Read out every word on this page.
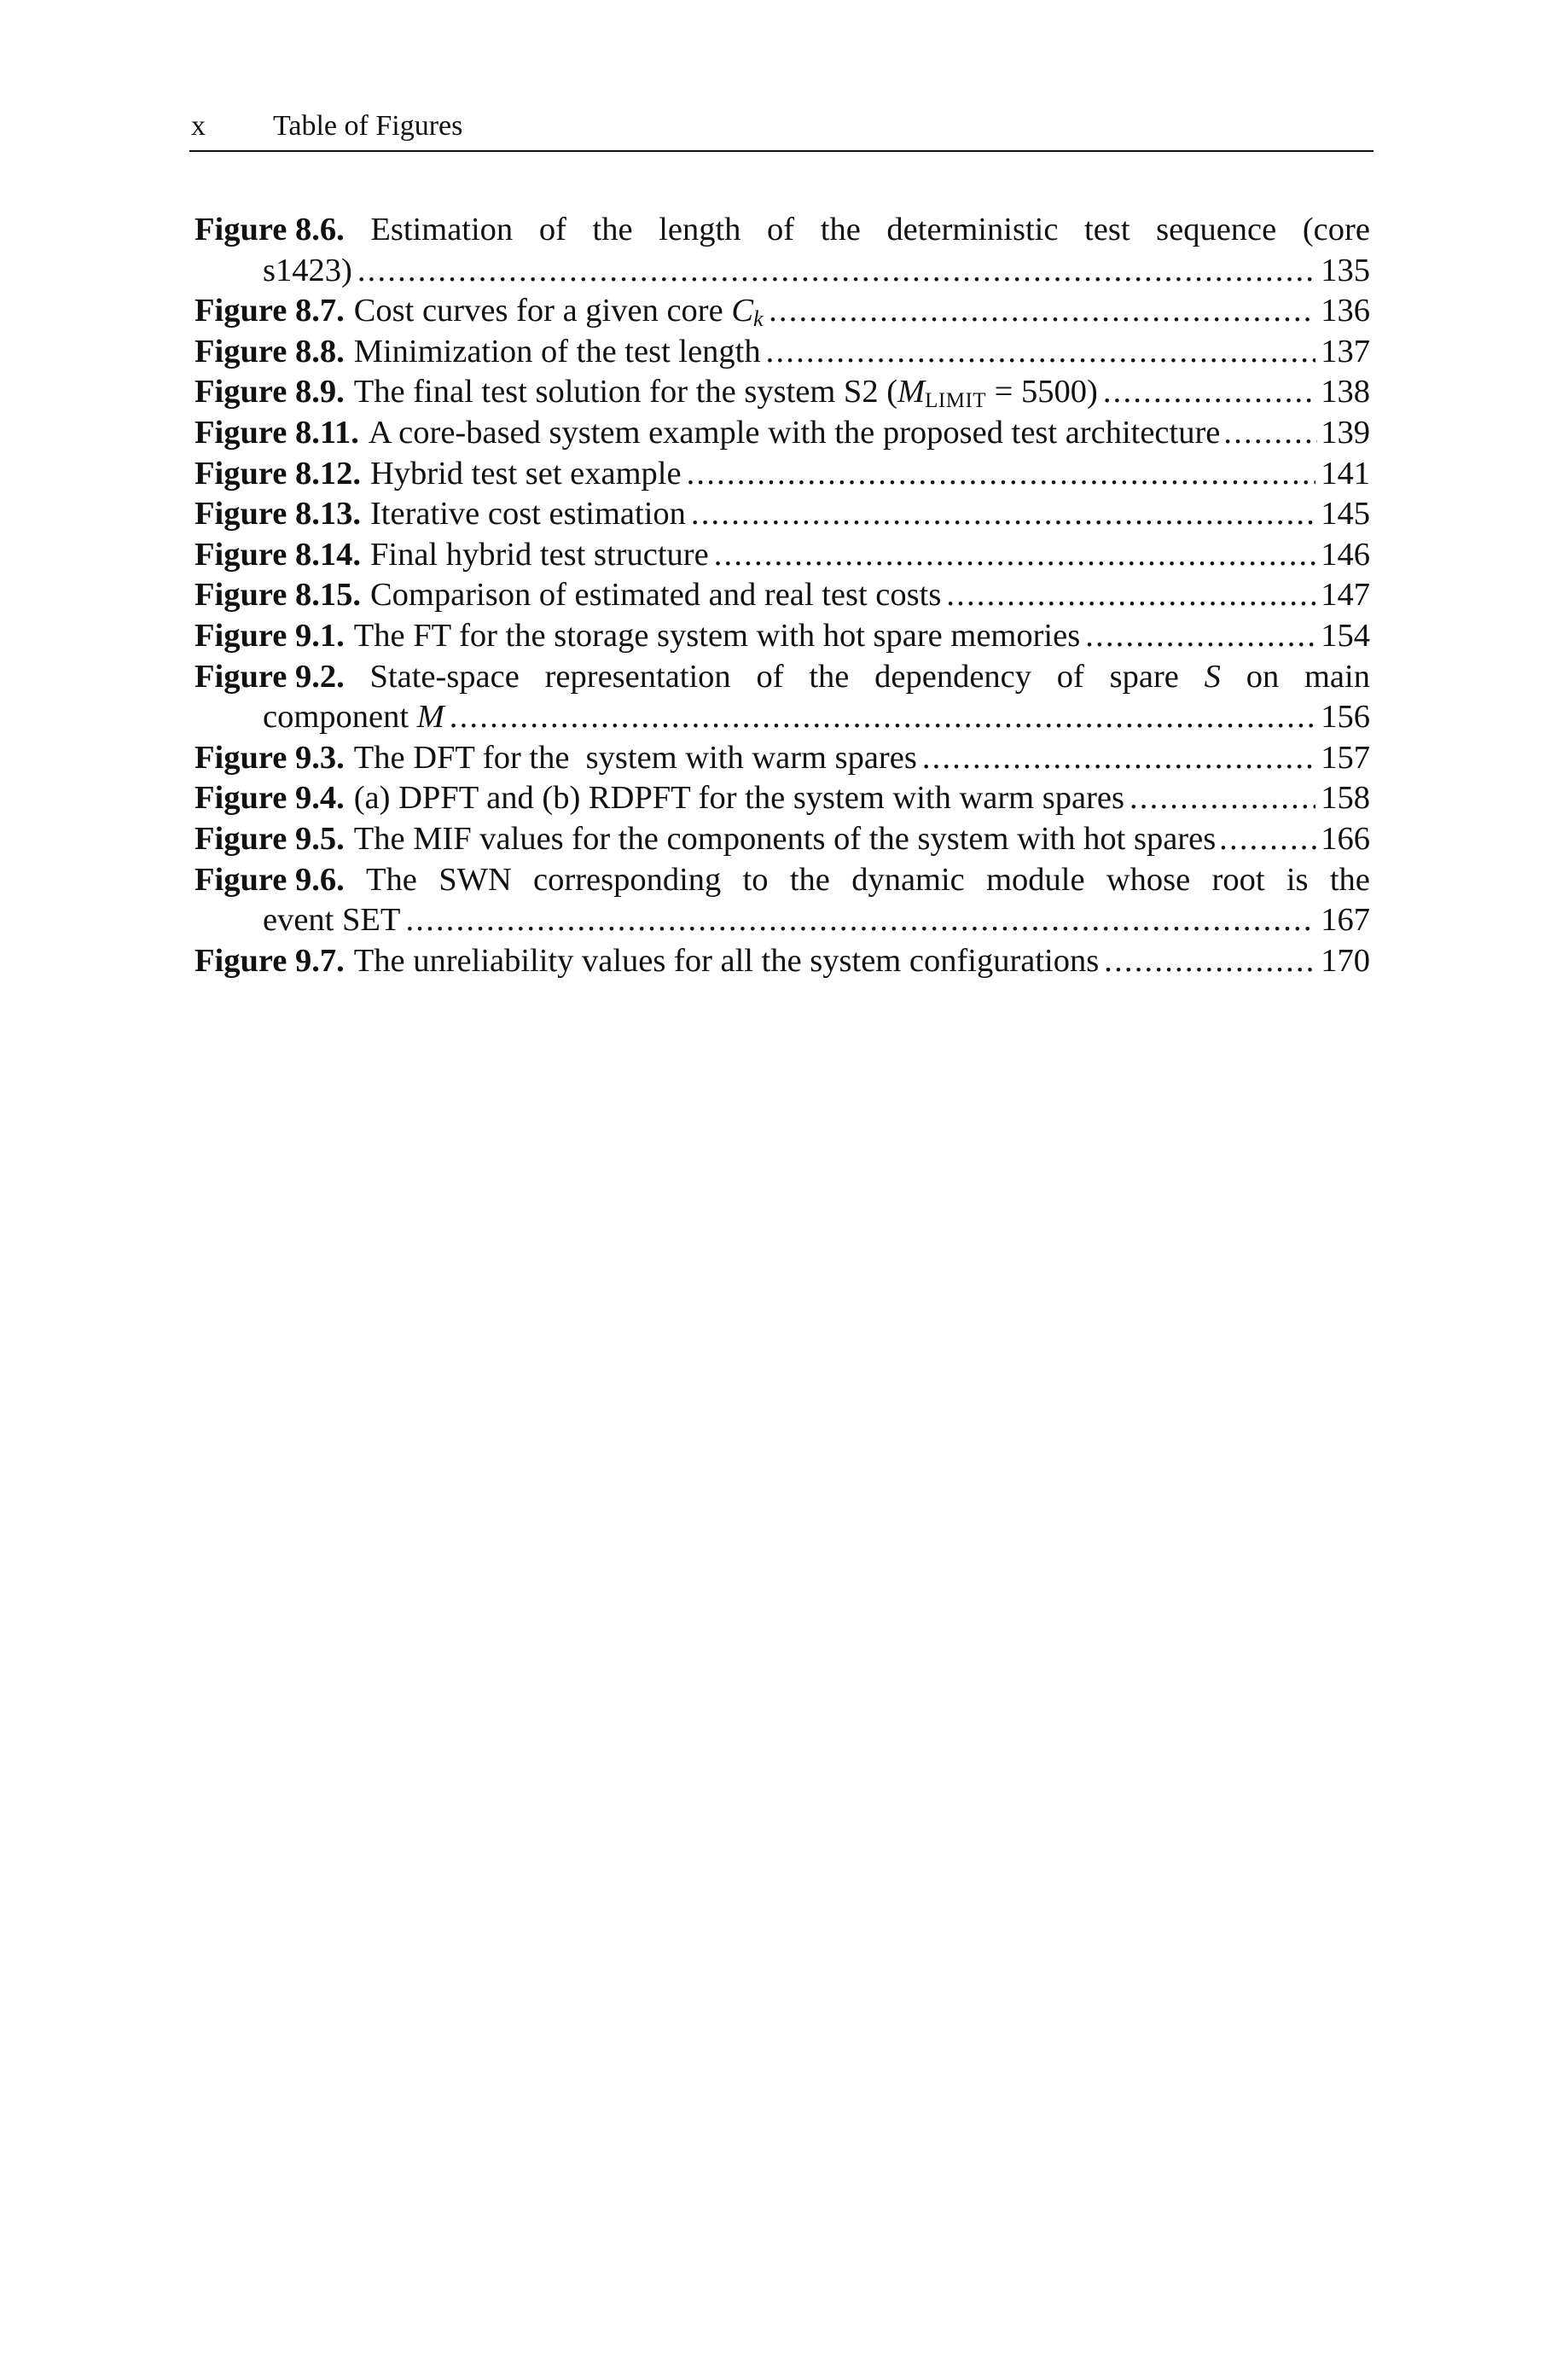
x Table of Figures
Figure 8.6. Estimation of the length of the deterministic test sequence (core
s1423) .....	135
Figure 8.7. Cost curves for a given core $C_k$ .....	136
Figure 8.8. Minimization of the test length .....	137
Figure 8.9. The final test solution for the system S2 $(M_{LIMIT} = 5500)$ .....	138
Figure 8.11. A core-based system example with the proposed test architecture .....	139
Figure 8.12. Hybrid test set example .....	141
Figure 8.13. Iterative cost estimation .....	145
Figure 8.14. Final hybrid test structure .....	146
Figure 8.15. Comparison of estimated and real test costs .....	147
Figure 9.1. The FT for the storage system with hot spare memories .....	154
Figure 9.2. State-space representation of the dependency of spare S on main
component M .....	156
Figure 9.3. The DFT for the  system with warm spares .....	157
Figure 9.4. (a) DPFT and (b) RDPFT for the system with warm spares .....	158
Figure 9.5. The MIF values for the components of the system with hot spares .....	166
Figure 9.6. The SWN corresponding to the dynamic module whose root is the
event SET .....	167
Figure 9.7. The unreliability values for all the system configurations .....	170
